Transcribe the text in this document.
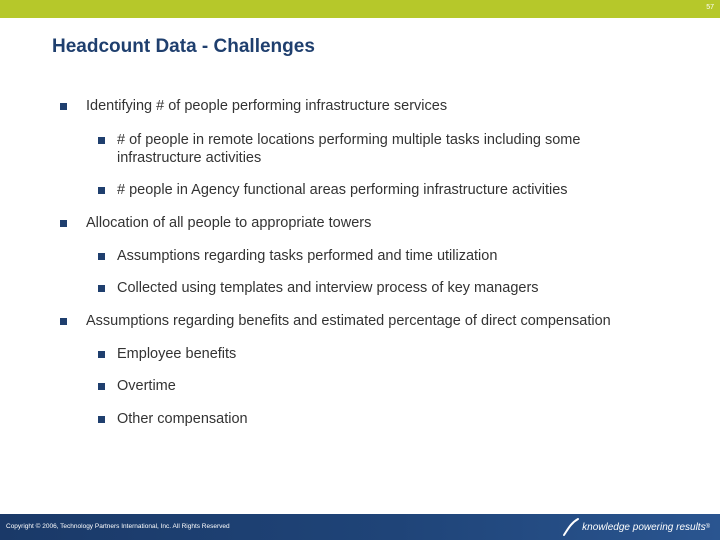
57
Headcount Data - Challenges
Identifying # of people performing infrastructure services
# of people in remote locations performing multiple tasks including some infrastructure activities
# people in Agency functional areas performing infrastructure activities
Allocation of all people to appropriate towers
Assumptions regarding tasks performed and time utilization
Collected using templates and interview process of key managers
Assumptions regarding benefits and estimated percentage of direct compensation
Employee benefits
Overtime
Other compensation
Copyright © 2006, Technology Partners International, Inc. All Rights Reserved	knowledge powering results ®
